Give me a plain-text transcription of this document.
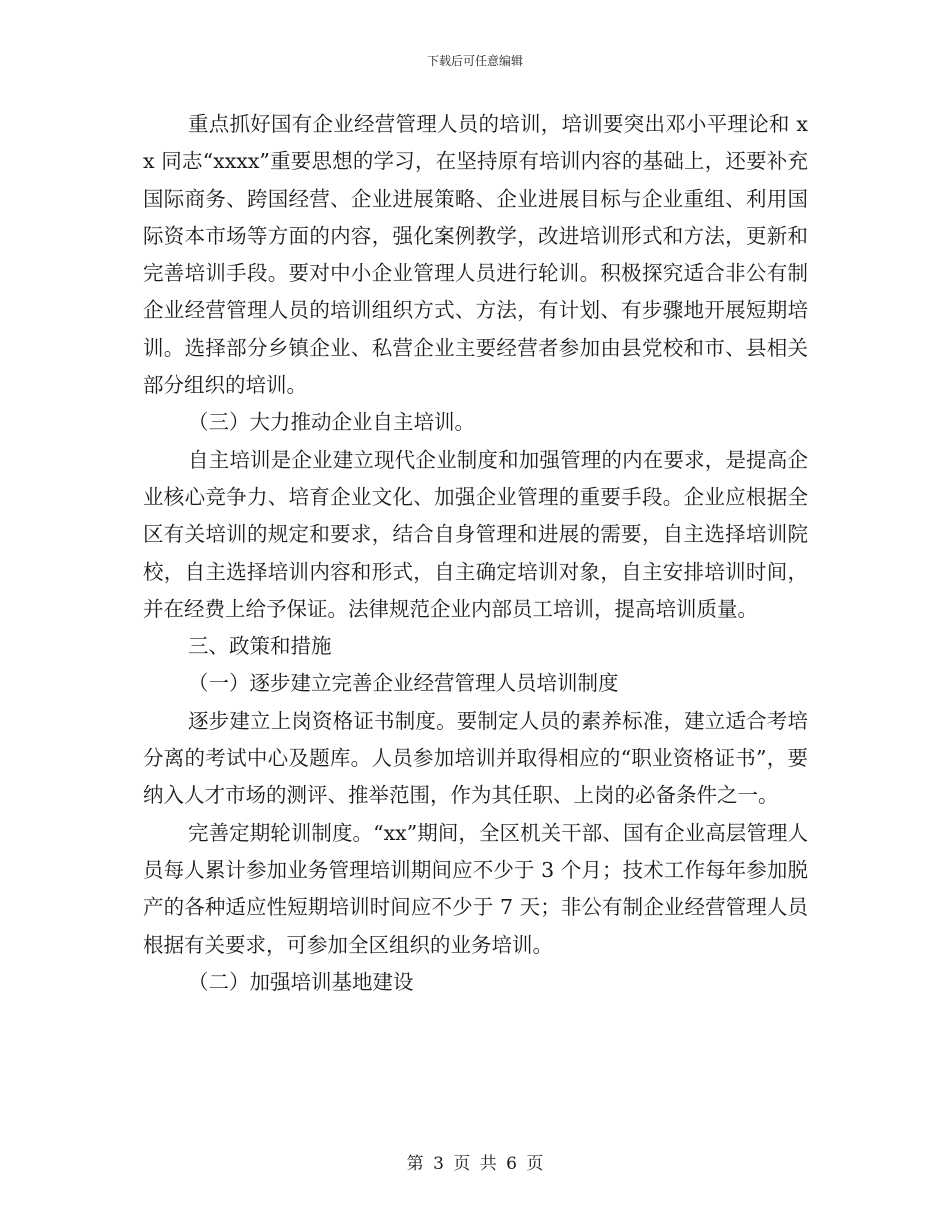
下载后可任意编辑

重点抓好国有企业经营管理人员的培训，培训要突出邓小平理论和 xx 同志“xxxx”重要思想的学习，在坚持原有培训内容的基础上，还要补充国际商务、跨国经营、企业进展策略、企业进展目标与企业重组、利用国际资本市场等方面的内容，强化案例教学，改进培训形式和方法，更新和完善培训手段。要对中小企业管理人员进行轮训。积极探究适合非公有制企业经营管理人员的培训组织方式、方法，有计划、有步骤地开展短期培训。选择部分乡镇企业、私营企业主要经营者参加由县党校和市、县相关部分组织的培训。

（三）大力推动企业自主培训。

自主培训是企业建立现代企业制度和加强管理的内在要求，是提高企业核心竞争力、培育企业文化、加强企业管理的重要手段。企业应根据全区有关培训的规定和要求，结合自身管理和进展的需要，自主选择培训院校，自主选择培训内容和形式，自主确定培训对象，自主安排培训时间，并在经费上给予保证。法律规范企业内部员工培训，提高培训质量。

三、政策和措施

（一）逐步建立完善企业经营管理人员培训制度

逐步建立上岗资格证书制度。要制定人员的素养标准，建立适合考培分离的考试中心及题库。人员参加培训并取得相应的“职业资格证书”，要纳入人才市场的测评、推举范围，作为其任职、上岗的必备条件之一。

完善定期轮训制度。“xx”期间，全区机关干部、国有企业高层管理人员每人累计参加业务管理培训期间应不少于 3 个月；技术工作每年参加脱产的各种适应性短期培训时间应不少于 7 天；非公有制企业经营管理人员根据有关要求，可参加全区组织的业务培训。

（二）加强培训基地建设

第 3 页 共 6 页
